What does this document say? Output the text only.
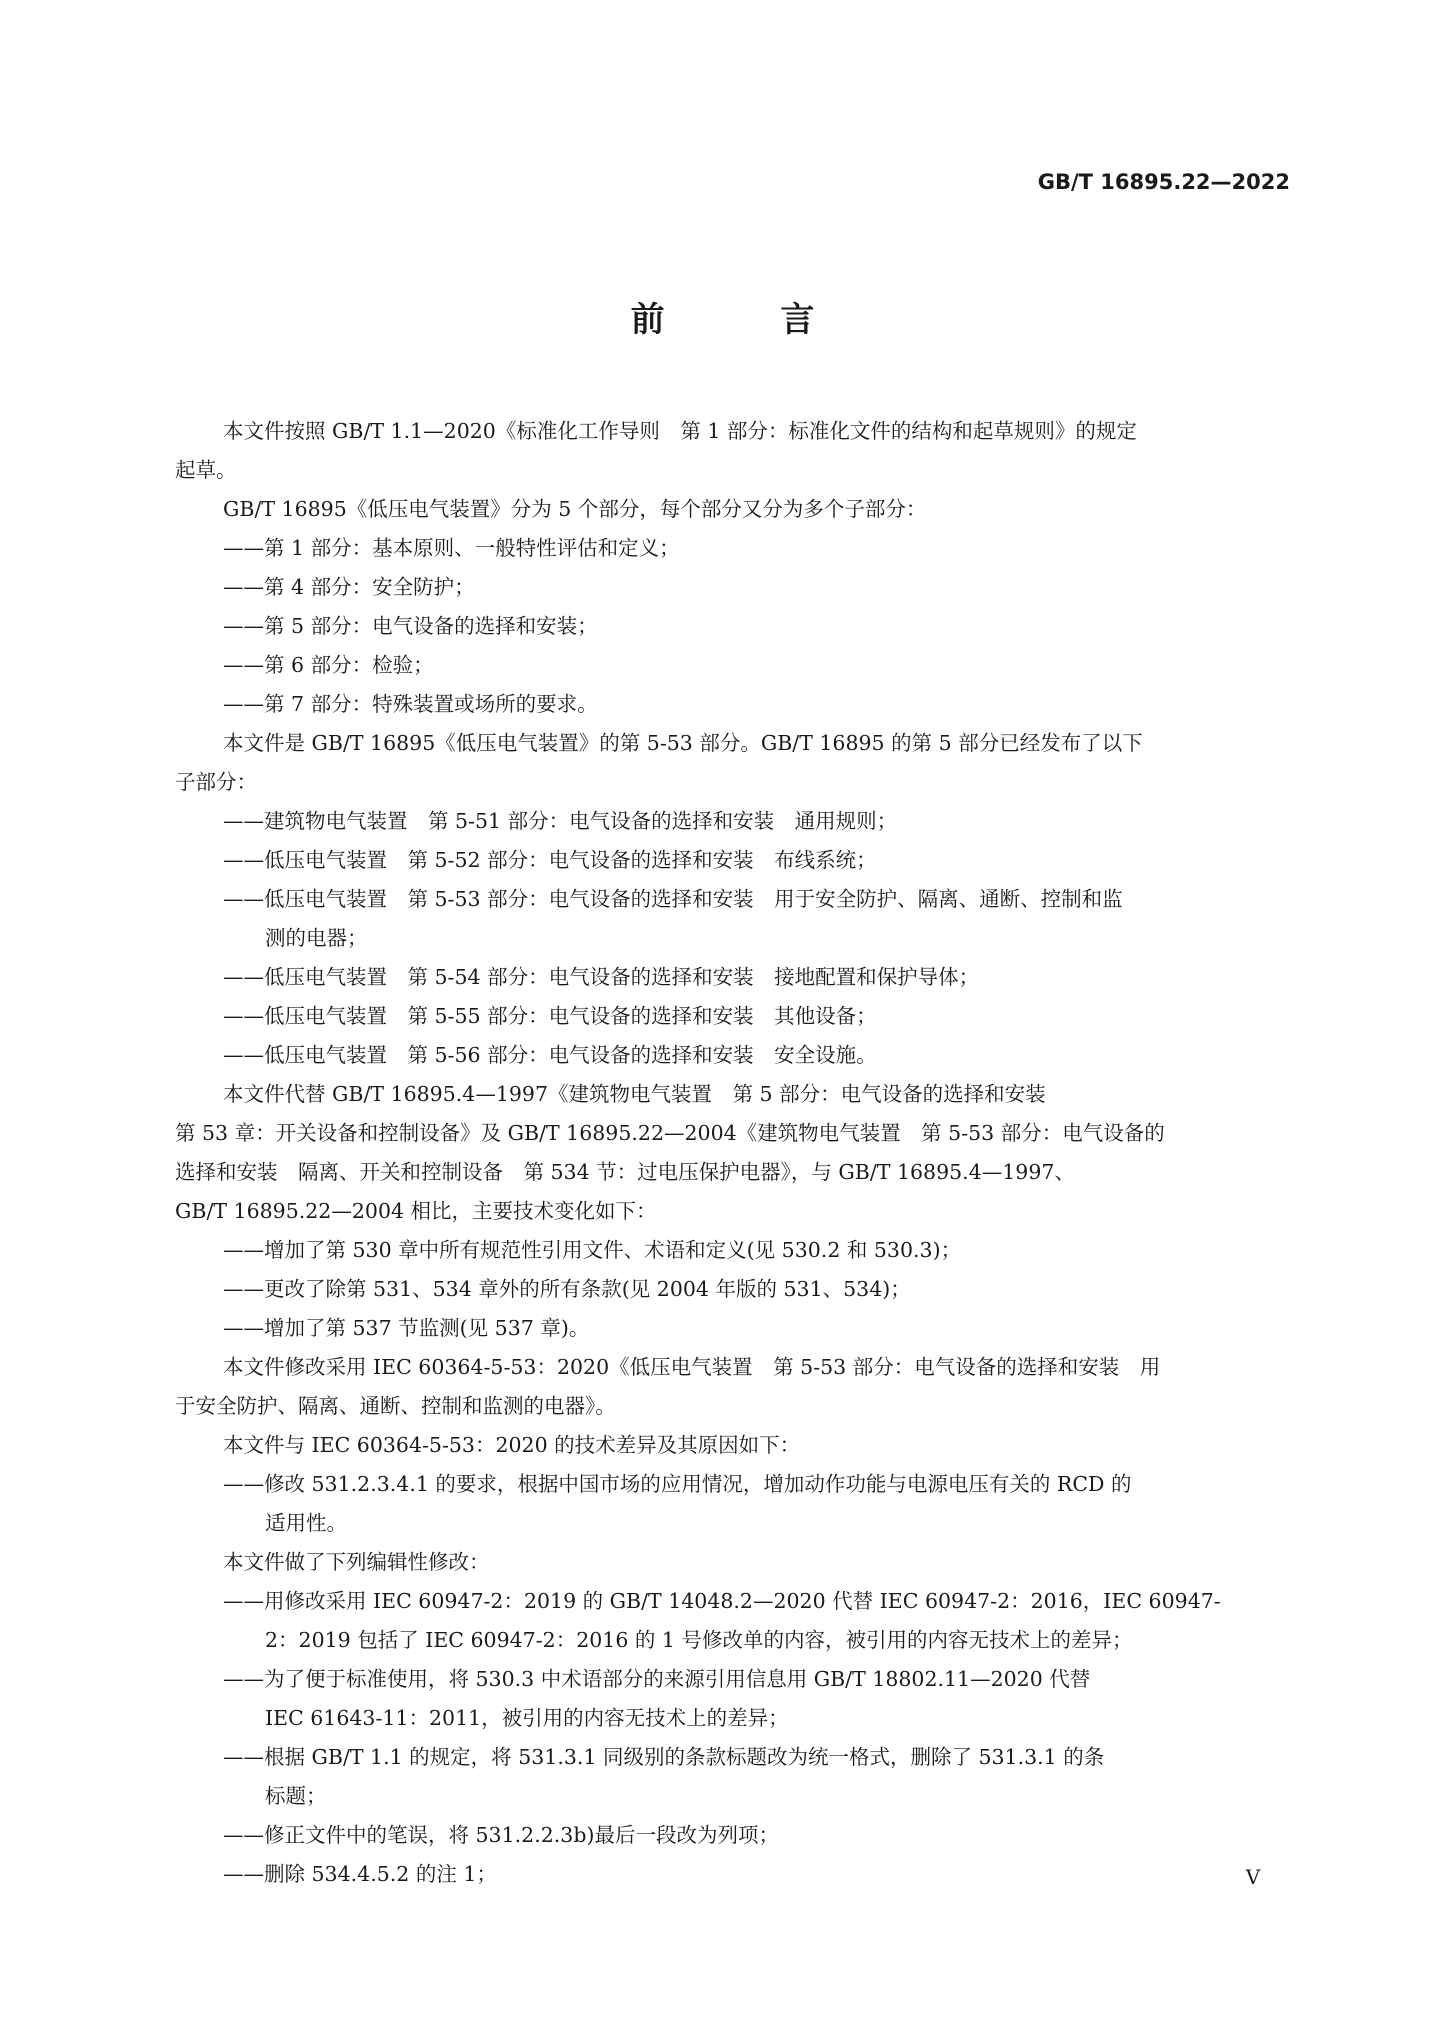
GB/T 16895.22—2022
前 言
本文件按照 GB/T 1.1—2020《标准化工作导则　第 1 部分：标准化文件的结构和起草规则》的规定
起草。
GB/T 16895《低压电气装置》分为 5 个部分，每个部分又分为多个子部分：
——第 1 部分：基本原则、一般特性评估和定义；
——第 4 部分：安全防护；
——第 5 部分：电气设备的选择和安装；
——第 6 部分：检验；
——第 7 部分：特殊装置或场所的要求。
本文件是 GB/T 16895《低压电气装置》的第 5-53 部分。GB/T 16895 的第 5 部分已经发布了以下
子部分：
——建筑物电气装置　第 5-51 部分：电气设备的选择和安装　通用规则；
——低压电气装置　第 5-52 部分：电气设备的选择和安装　布线系统；
——低压电气装置　第 5-53 部分：电气设备的选择和安装　用于安全防护、隔离、通断、控制和监
测的电器；
——低压电气装置　第 5-54 部分：电气设备的选择和安装　接地配置和保护导体；
——低压电气装置　第 5-55 部分：电气设备的选择和安装　其他设备；
——低压电气装置　第 5-56 部分：电气设备的选择和安装　安全设施。
本文件代替 GB/T 16895.4—1997《建筑物电气装置　第 5 部分：电气设备的选择和安装
第 53 章：开关设备和控制设备》及 GB/T 16895.22—2004《建筑物电气装置　第 5-53 部分：电气设备的
选择和安装　隔离、开关和控制设备　第 534 节：过电压保护电器》，与 GB/T 16895.4—1997、
GB/T 16895.22—2004 相比，主要技术变化如下：
——增加了第 530 章中所有规范性引用文件、术语和定义(见 530.2 和 530.3)；
——更改了除第 531、534 章外的所有条款(见 2004 年版的 531、534)；
——增加了第 537 节监测(见 537 章)。
本文件修改采用 IEC 60364-5-53：2020《低压电气装置　第 5-53 部分：电气设备的选择和安装　用
于安全防护、隔离、通断、控制和监测的电器》。
本文件与 IEC 60364-5-53：2020 的技术差异及其原因如下：
——修改 531.2.3.4.1 的要求，根据中国市场的应用情况，增加动作功能与电源电压有关的 RCD 的
适用性。
本文件做了下列编辑性修改：
——用修改采用 IEC 60947-2：2019 的 GB/T 14048.2—2020 代替 IEC 60947-2：2016，IEC 60947-
2：2019 包括了 IEC 60947-2：2016 的 1 号修改单的内容，被引用的内容无技术上的差异；
——为了便于标准使用，将 530.3 中术语部分的来源引用信息用 GB/T 18802.11—2020 代替
IEC 61643-11：2011，被引用的内容无技术上的差异；
——根据 GB/T 1.1 的规定，将 531.3.1 同级别的条款标题改为统一格式，删除了 531.3.1 的条
标题；
——修正文件中的笔误，将 531.2.2.3b)最后一段改为列项；
——删除 534.4.5.2 的注 1；	V
